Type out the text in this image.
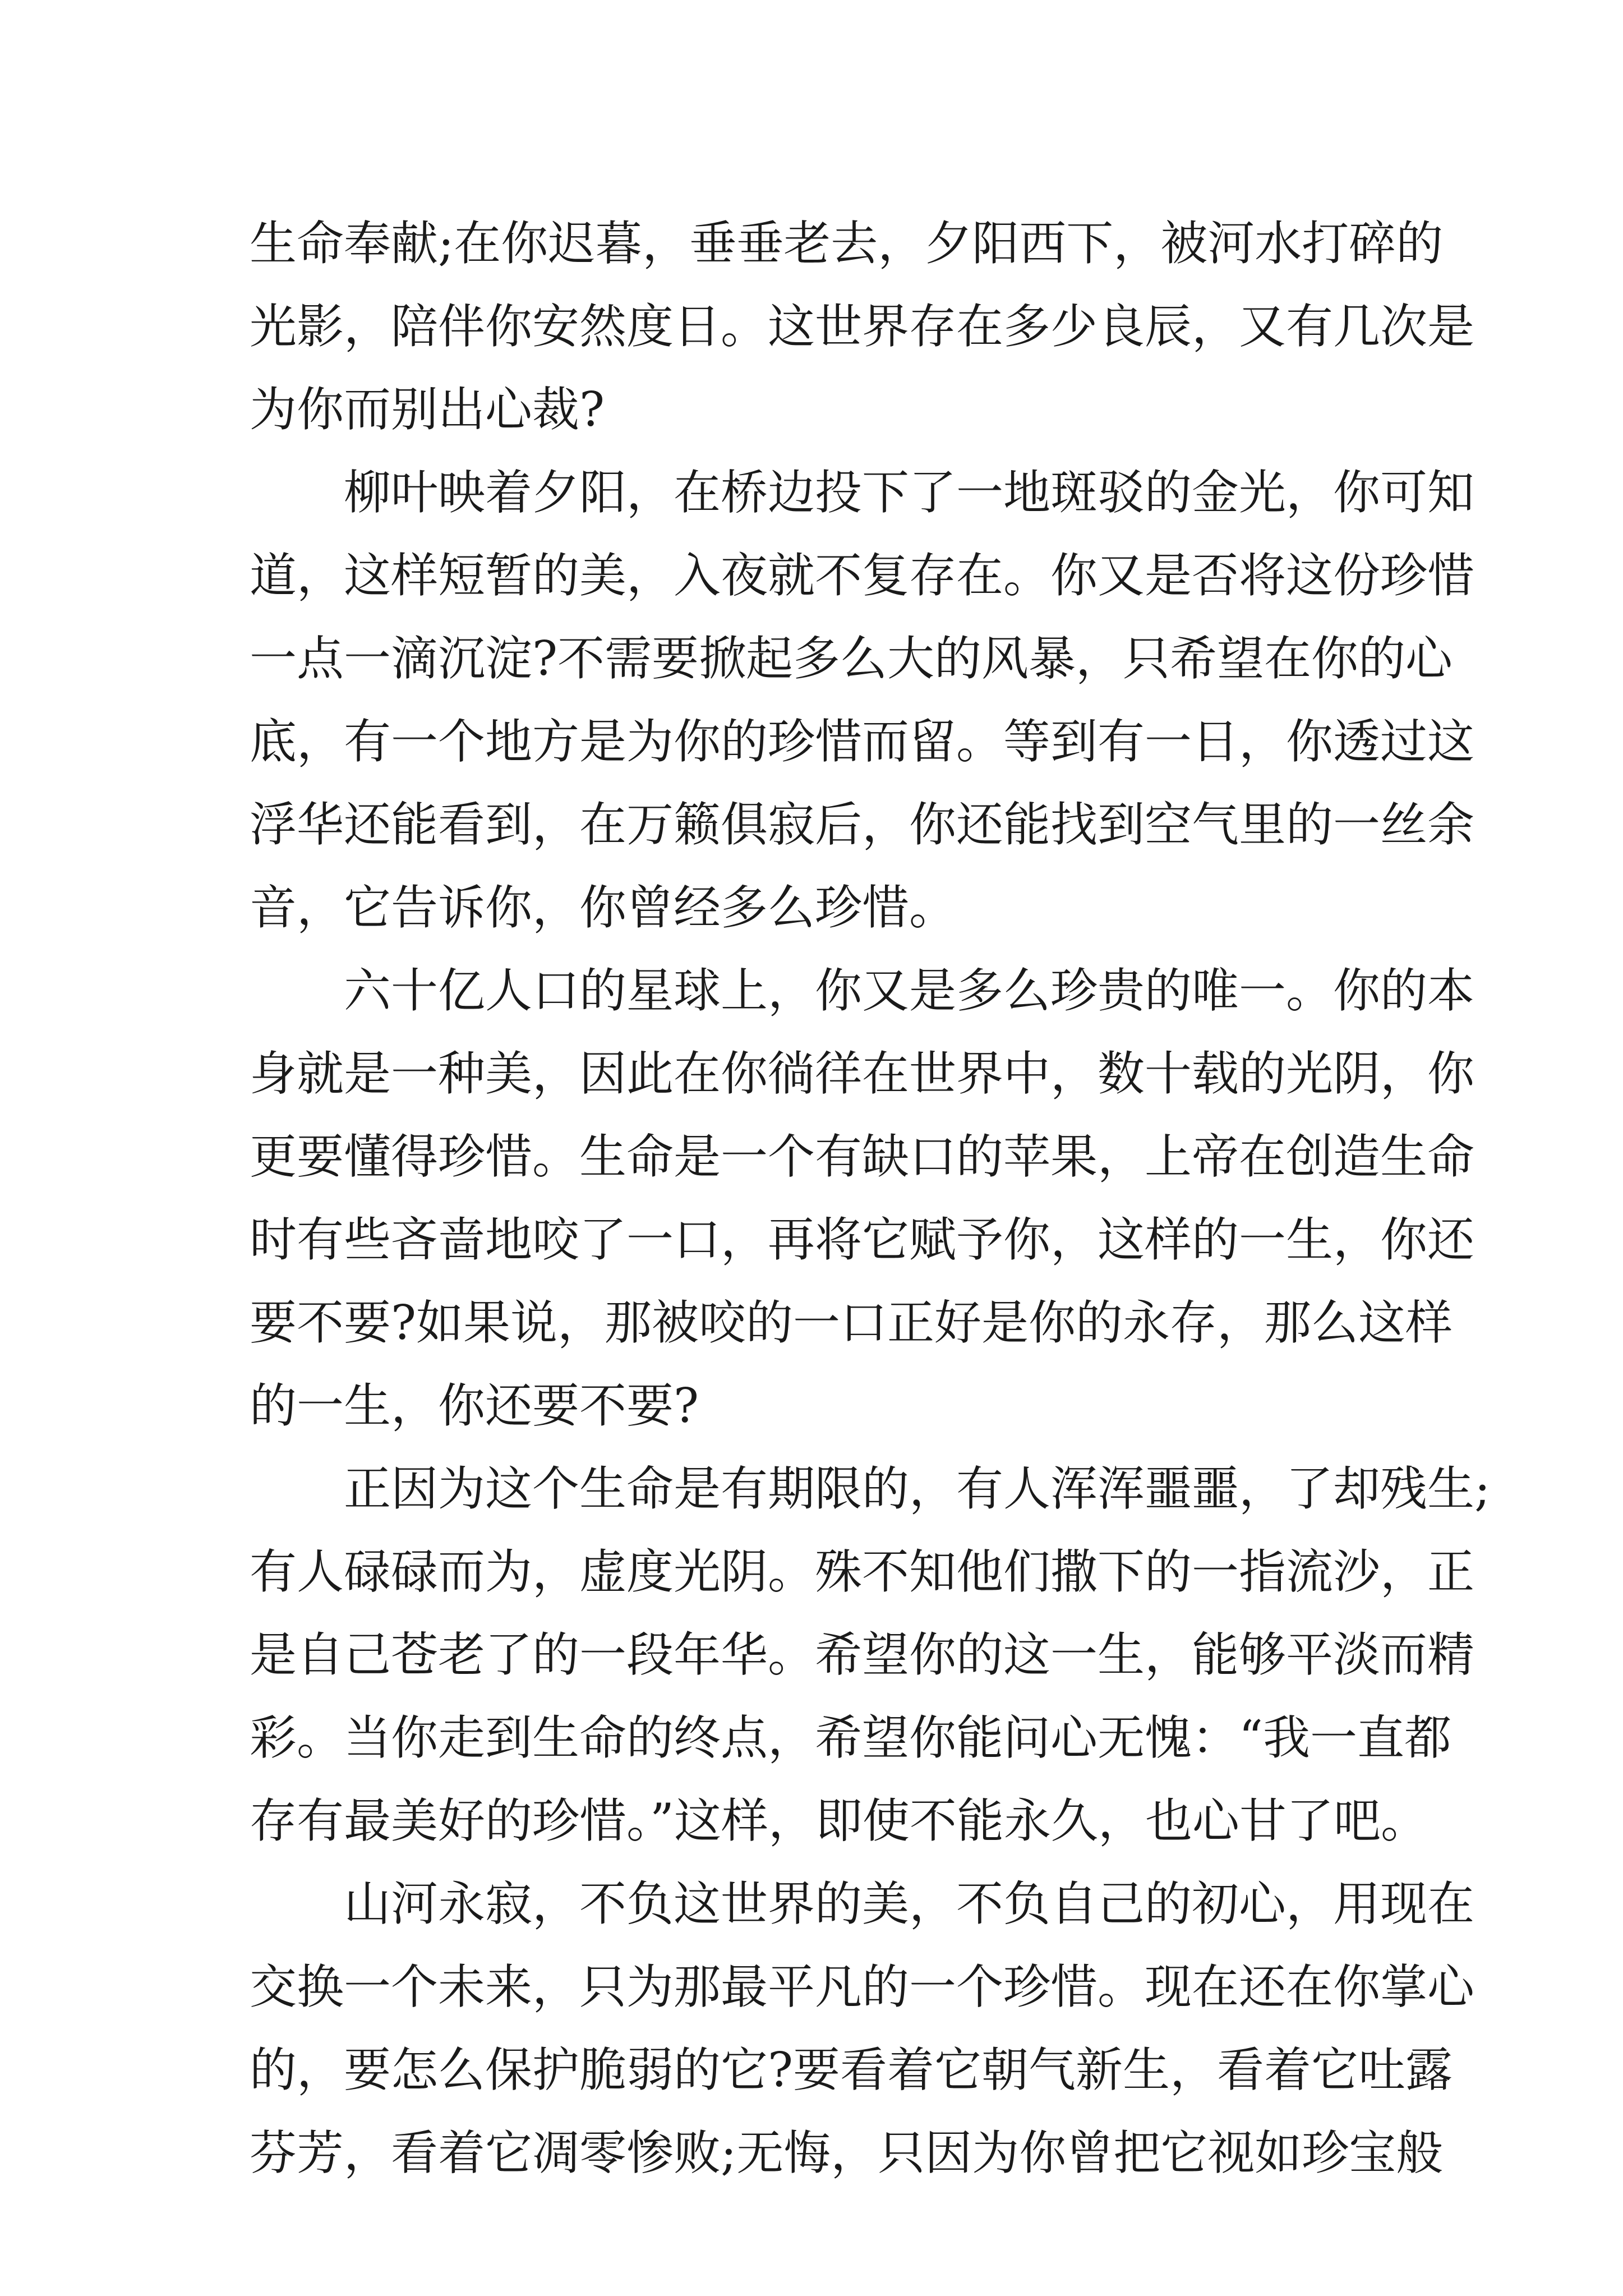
生命奉献;在你迟暮，垂垂老去，夕阳西下，被河水打碎的
光影，陪伴你安然度日。这世界存在多少良辰，又有几次是
为你而别出心裁?
　　柳叶映着夕阳，在桥边投下了一地斑驳的金光，你可知
道，这样短暂的美，入夜就不复存在。你又是否将这份珍惜
一点一滴沉淀?不需要掀起多么大的风暴，只希望在你的心
底，有一个地方是为你的珍惜而留。等到有一日，你透过这
浮华还能看到，在万籁俱寂后，你还能找到空气里的一丝余
音，它告诉你，你曾经多么珍惜。
　　六十亿人口的星球上，你又是多么珍贵的唯一。你的本
身就是一种美，因此在你徜徉在世界中，数十载的光阴，你
更要懂得珍惜。生命是一个有缺口的苹果，上帝在创造生命
时有些吝啬地咬了一口，再将它赋予你，这样的一生，你还
要不要?如果说，那被咬的一口正好是你的永存，那么这样
的一生，你还要不要?
　　正因为这个生命是有期限的，有人浑浑噩噩，了却残生;
有人碌碌而为，虚度光阴。殊不知他们撒下的一指流沙，正
是自己苍老了的一段年华。希望你的这一生，能够平淡而精
彩。当你走到生命的终点，希望你能问心无愧：“我一直都
存有最美好的珍惜。”这样，即使不能永久，也心甘了吧。
　　山河永寂，不负这世界的美，不负自己的初心，用现在
交换一个未来，只为那最平凡的一个珍惜。现在还在你掌心
的，要怎么保护脆弱的它?要看着它朝气新生，看着它吐露
芬芳，看着它凋零惨败;无悔，只因为你曾把它视如珍宝般
